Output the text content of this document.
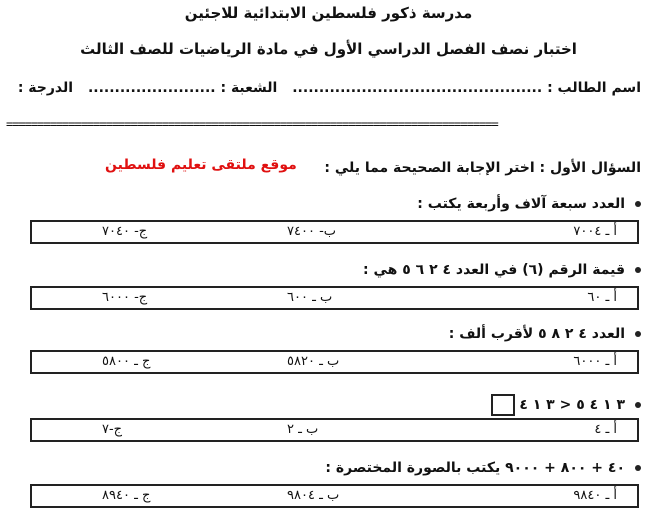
مدرسة ذكور فلسطين الابتدائية للاجئين
اختبار نصف الفصل الدراسي الأول في مادة الرياضيات للصف الثالث
اسم الطالب : ............................................... الشعبة : ........................ الدرجة :
===============================================================================
السؤال الأول : اختر الإجابة الصحيحة مما يلي :
موقع ملتقى تعليم فلسطين
العدد سبعة آلاف وأربعة يكتب :
أ ـ ٧٠٠٤
ب- ٧٤٠٠
ج- ٧٠٤٠
قيمة الرقم (٦) في العدد ٤ ٢ ٦ ٥ هي :
أ ـ ٦٠
ب ـ ٦٠٠
ج- ٦٠٠٠
العدد ٤ ٢ ٨ ٥ لأقرب ألف :
أ ـ ٦٠٠٠
ب ـ ٥٨٢٠
ج ـ ٥٨٠٠
٣ ١ ٤ ٥ < ٣ ١ ٤
أ ـ ٤
ب ـ ٢
ج-٧
٤٠ + ٨٠٠ + ٩٠٠٠ يكتب بالصورة المختصرة :
أ ـ ٩٨٤٠
ب ـ ٩٨٠٤
ج ـ ٨٩٤٠
